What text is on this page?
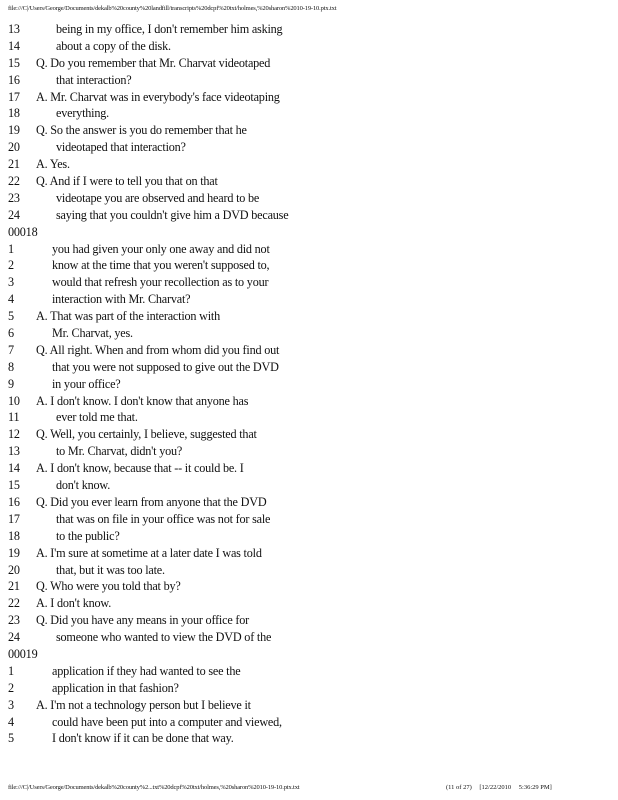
file:///C|/Users/George/Documents/dekalb%20county%20landfill/transcripts%20dcpf%20txt/holmes,%20sharon%2010-19-10.ptx.txt
13	being in my office, I don't remember him asking
14	about a copy of the disk.
15 Q. Do you remember that Mr. Charvat videotaped
16	that interaction?
17 A. Mr. Charvat was in everybody's face videotaping
18	everything.
19 Q. So the answer is you do remember that he
20	videotaped that interaction?
21 A. Yes.
22 Q. And if I were to tell you that on that
23	videotape you are observed and heard to be
24	saying that you couldn't give him a DVD because
00018
1	you had given your only one away and did not
2	know at the time that you weren't supposed to,
3	would that refresh your recollection as to your
4	interaction with Mr. Charvat?
5 A. That was part of the interaction with
6	Mr. Charvat, yes.
7 Q. All right. When and from whom did you find out
8	that you were not supposed to give out the DVD
9	in your office?
10 A. I don't know. I don't know that anyone has
11	ever told me that.
12 Q. Well, you certainly, I believe, suggested that
13	to Mr. Charvat, didn't you?
14 A. I don't know, because that -- it could be. I
15	don't know.
16 Q. Did you ever learn from anyone that the DVD
17	that was on file in your office was not for sale
18	to the public?
19 A. I'm sure at sometime at a later date I was told
20	that, but it was too late.
21 Q. Who were you told that by?
22 A. I don't know.
23 Q. Did you have any means in your office for
24	someone who wanted to view the DVD of the
00019
1	application if they had wanted to see the
2	application in that fashion?
3 A. I'm not a technology person but I believe it
4	could have been put into a computer and viewed,
5	I don't know if it can be done that way.
file:///C|/Users/George/Documents/dekalb%20county%2...txt%20dcpf%20txt/holmes,%20sharon%2010-19-10.ptx.txt	(11 of 27) [12/22/2010 5:36:29 PM]
